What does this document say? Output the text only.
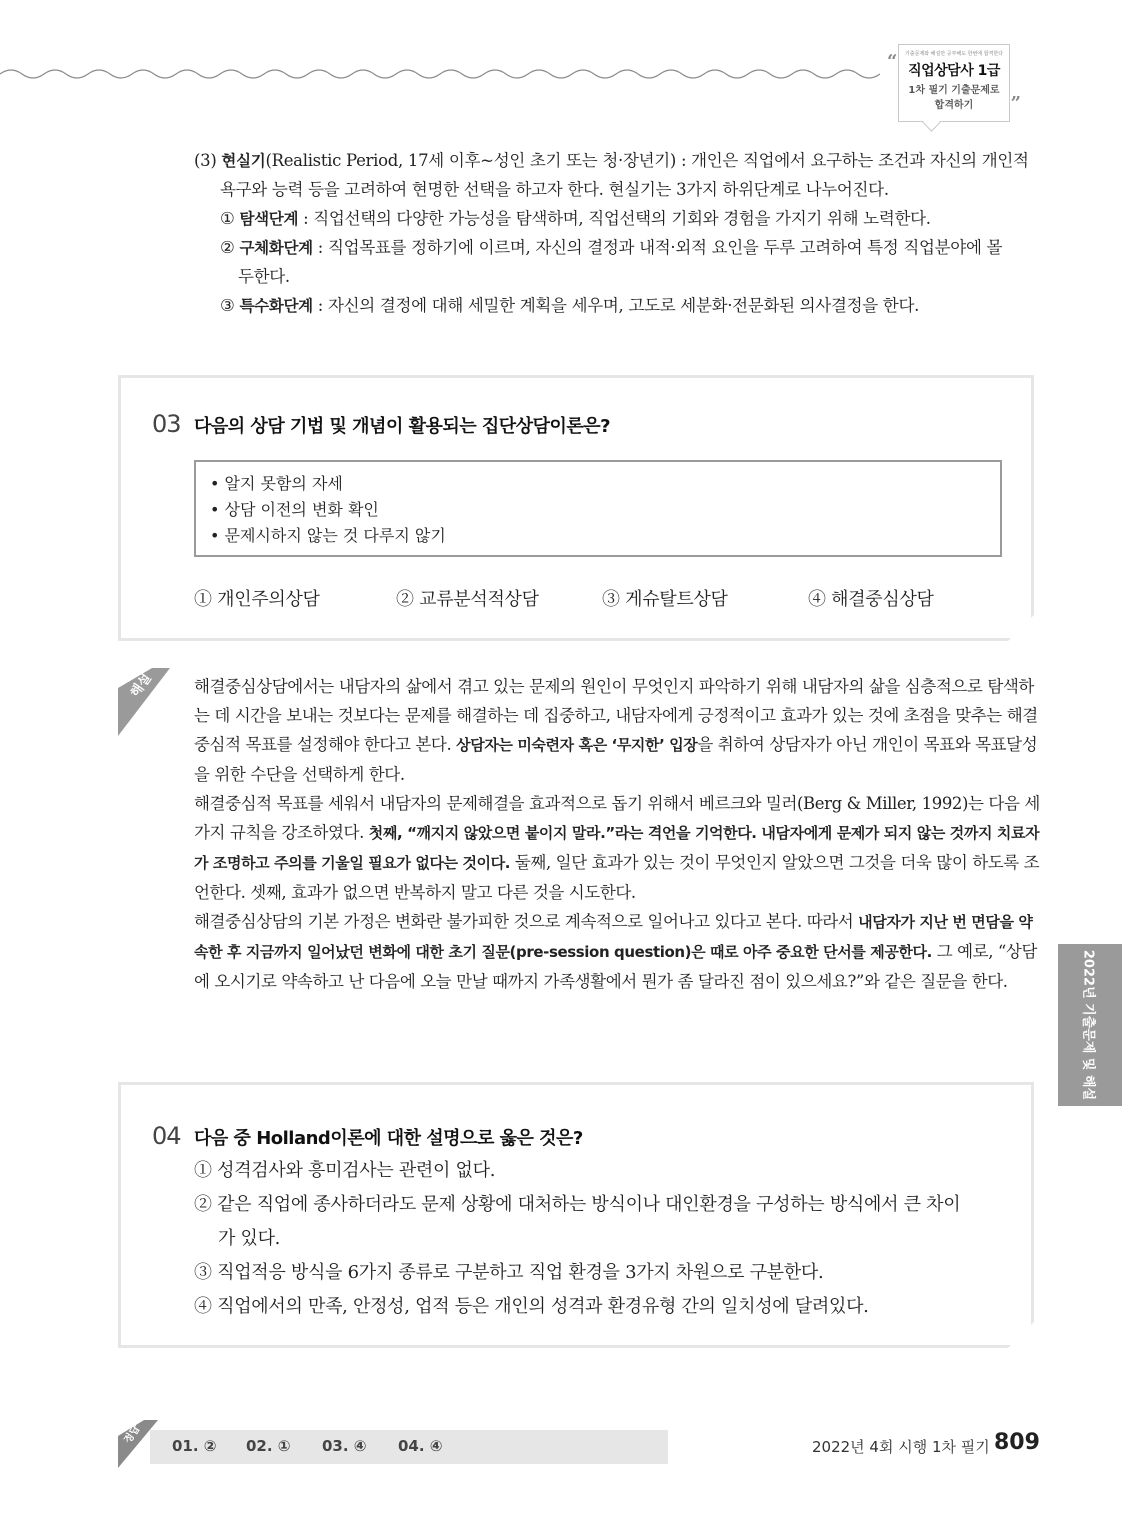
“	기출문제와 해설만 공부해도 한번에 합격한다
직업상담사 1급
1차 필기 기출문제로
합격하기	”
(3) 현실기(Realistic Period, 17세 이후~성인 초기 또는 청·장년기) : 개인은 직업에서 요구하는 조건과 자신의 개인적
욕구와 능력 등을 고려하여 현명한 선택을 하고자 한다. 현실기는 3가지 하위단계로 나누어진다.
① 탐색단계 : 직업선택의 다양한 가능성을 탐색하며, 직업선택의 기회와 경험을 가지기 위해 노력한다.
② 구체화단계 : 직업목표를 정하기에 이르며, 자신의 결정과 내적·외적 요인을 두루 고려하여 특정 직업분야에 몰
두한다.
③ 특수화단계 : 자신의 결정에 대해 세밀한 계획을 세우며, 고도로 세분화·전문화된 의사결정을 한다.
03 다음의 상담 기법 및 개념이 활용되는 집단상담이론은?
• 알지 못함의 자세
• 상담 이전의 변화 확인
• 문제시하지 않는 것 다루지 않기
① 개인주의상담	② 교류분석적상담	③ 게슈탈트상담	④ 해결중심상담
해설 해결중심상담에서는 내담자의 삶에서 겪고 있는 문제의 원인이 무엇인지 파악하기 위해 내담자의 삶을 심층적으로 탐색하는 데 시간을 보내는 것보다는 문제를 해결하는 데 집중하고, 내담자에게 긍정적이고 효과가 있는 것에 초점을 맞추는 해결중심적 목표를 설정해야 한다고 본다. 상담자는 미숙련자 혹은 ‘무지한’ 입장을 취하여 상담자가 아닌 개인이 목표와 목표달성을 위한 수단을 선택하게 한다.
해결중심적 목표를 세워서 내담자의 문제해결을 효과적으로 돕기 위해서 베르크와 밀러(Berg & Miller, 1992)는 다음 세 가지 규칙을 강조하였다. 첫째, “깨지지 않았으면 붙이지 말라.”라는 격언을 기억한다. 내담자에게 문제가 되지 않는 것까지 치료자가 조명하고 주의를 기울일 필요가 없다는 것이다. 둘째, 일단 효과가 있는 것이 무엇인지 알았으면 그것을 더욱 많이 하도록 조언한다. 셋째, 효과가 없으면 반복하지 말고 다른 것을 시도한다.
해결중심상담의 기본 가정은 변화란 불가피한 것으로 계속적으로 일어나고 있다고 본다. 따라서 내담자가 지난 번 면담을 약속한 후 지금까지 일어났던 변화에 대한 초기 질문(pre-session question)은 때로 아주 중요한 단서를 제공한다. 그 예로, “상담에 오시기로 약속하고 난 다음에 오늘 만날 때까지 가족생활에서 뭔가 좀 달라진 점이 있으세요?”와 같은 질문을 한다.	2022년 기출문제 및 해설
04 다음 중 Holland이론에 대한 설명으로 옳은 것은?
① 성격검사와 흥미검사는 관련이 없다.
② 같은 직업에 종사하더라도 문제 상황에 대처하는 방식이나 대인환경을 구성하는 방식에서 큰 차이
가 있다.
③ 직업적응 방식을 6가지 종류로 구분하고 직업 환경을 3가지 차원으로 구분한다.
④ 직업에서의 만족, 안정성, 업적 등은 개인의 성격과 환경유형 간의 일치성에 달려있다.
정답
01. ② 02. ① 03. ④ 04. ④	2022년 4회 시행 1차 필기 809
